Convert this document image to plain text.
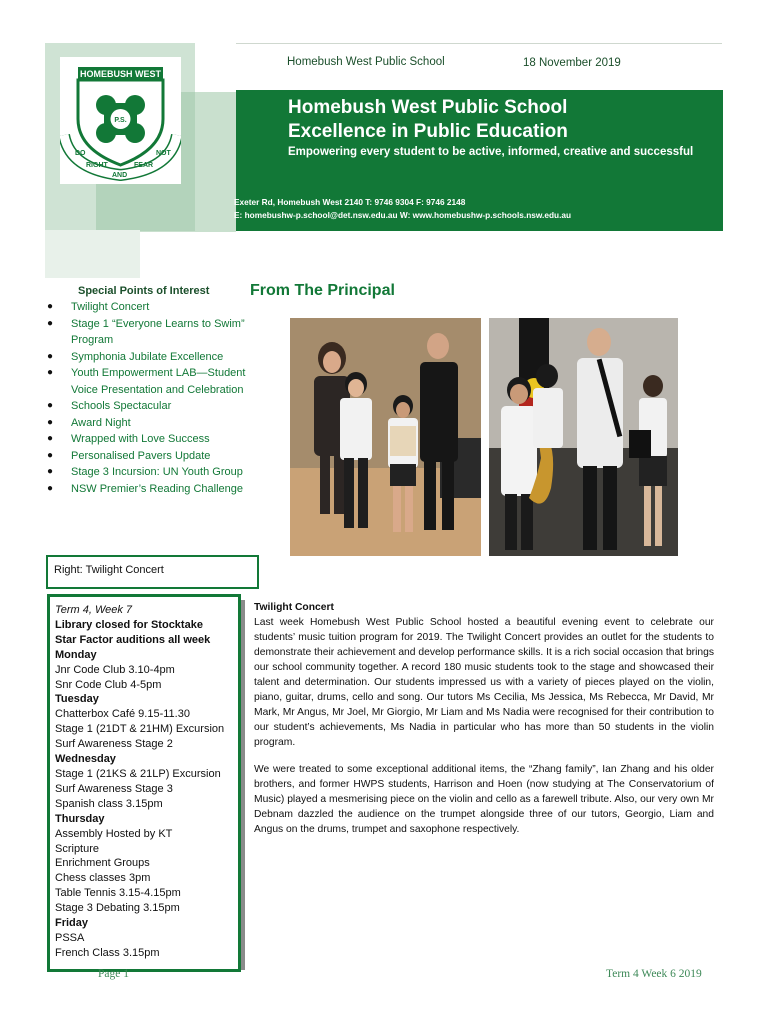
HOMEBUSH WEST
P.S.
DO
RIGHT
AND
FEAR
NOT
Homebush West Public School	18 November 2019
Homebush West Public School
Excellence in Public Education
Empowering every student to be active, informed, creative and successful
Exeter Rd, Homebush West 2140 T: 9746 9304 F: 9746 2148
E: homebushw-p.school@det.nsw.edu.au W: www.homebushw-p.schools.nsw.edu.au
Special Points of Interest
● Twilight Concert
● Stage 1 “Everyone Learns to Swim” Program
● Symphonia Jubilate Excellence
● Youth Empowerment LAB—Student Voice Presentation and Celebration
● Schools Spectacular
● Award Night
● Wrapped with Love Success
● Personalised Pavers Update
● Stage 3 Incursion: UN Youth Group
● NSW Premier’s Reading Challenge
Right: Twilight Concert
Term 4, Week 7
Library closed for Stocktake
Star Factor auditions all week
Monday
Jnr Code Club 3.10-4pm
Snr Code Club 4-5pm
Tuesday
Chatterbox Café 9.15-11.30
Stage 1 (21DT & 21HM) Excursion
Surf Awareness Stage 2
Wednesday
Stage 1 (21KS & 21LP) Excursion
Surf Awareness Stage 3
Spanish class 3.15pm
Thursday
Assembly Hosted by KT
Scripture
Enrichment Groups
Chess classes 3pm
Table Tennis 3.15-4.15pm
Stage 3 Debating 3.15pm
Friday
PSSA
French Class 3.15pm
From The Principal

Twilight Concert
Last week Homebush West Public School hosted a beautiful evening event to celebrate our students’ music tuition program for 2019. The Twilight Concert provides an outlet for the students to demonstrate their achievement and develop performance skills. It is a rich social occasion that brings our school community together. A record 180 music students took to the stage and showcased their talent and determination. Our students impressed us with a variety of pieces played on the violin, piano, guitar, drums, cello and song. Our tutors Ms Cecilia, Ms Jessica, Ms Rebecca, Mr David, Mr Mark, Mr Angus, Mr Joel, Mr Giorgio, Mr Liam and Ms Nadia were recognised for their contribution to our student’s achievements, Ms Nadia in particular who has more than 50 students in the violin program.

We were treated to some exceptional additional items, the “Zhang family”, Ian Zhang and his older brothers, and former HWPS students, Harrison and Hoen (now studying at The Conservatorium of Music) played a mesmerising piece on the violin and cello as a farewell tribute. Also, our very own Mr Debnam dazzled the audience on the trumpet alongside three of our tutors, Georgio, Liam and Angus on the drums, trumpet and saxophone respectively.

Page 1	Term 4 Week 6 2019
